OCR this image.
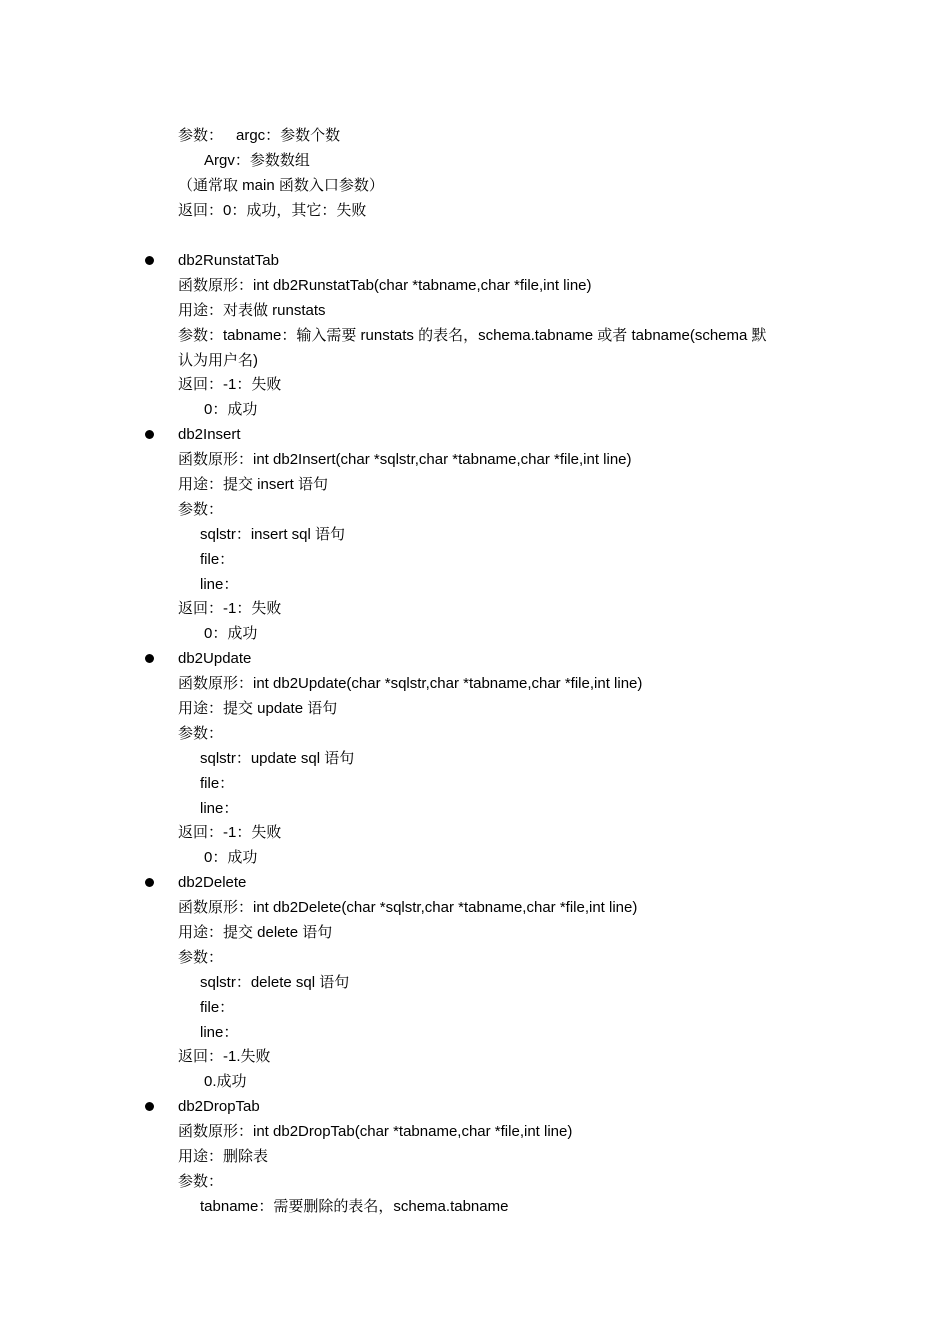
参数： argc：参数个数
Argv：参数数组
（通常取 main 函数入口参数）
返回：0：成功，其它：失败
db2RunstatTab
函数原形：int db2RunstatTab(char *tabname,char *file,int line)
用途：对表做 runstats
参数：tabname：输入需要 runstats 的表名，schema.tabname 或者 tabname(schema 默
认为用户名)
返回：-1：失败
0：成功
db2Insert
函数原形：int db2Insert(char *sqlstr,char *tabname,char *file,int line)
用途：提交 insert 语句
参数：
sqlstr：insert sql 语句
file：
line：
返回：-1：失败
0：成功
db2Update
函数原形：int db2Update(char *sqlstr,char *tabname,char *file,int line)
用途：提交 update 语句
参数：
sqlstr：update sql 语句
file：
line：
返回：-1：失败
0：成功
db2Delete
函数原形：int db2Delete(char *sqlstr,char *tabname,char *file,int line)
用途：提交 delete 语句
参数：
sqlstr：delete sql 语句
file：
line：
返回：-1.失败
0.成功
db2DropTab
函数原形：int db2DropTab(char *tabname,char *file,int line)
用途：删除表
参数：
tabname：需要删除的表名，schema.tabname
